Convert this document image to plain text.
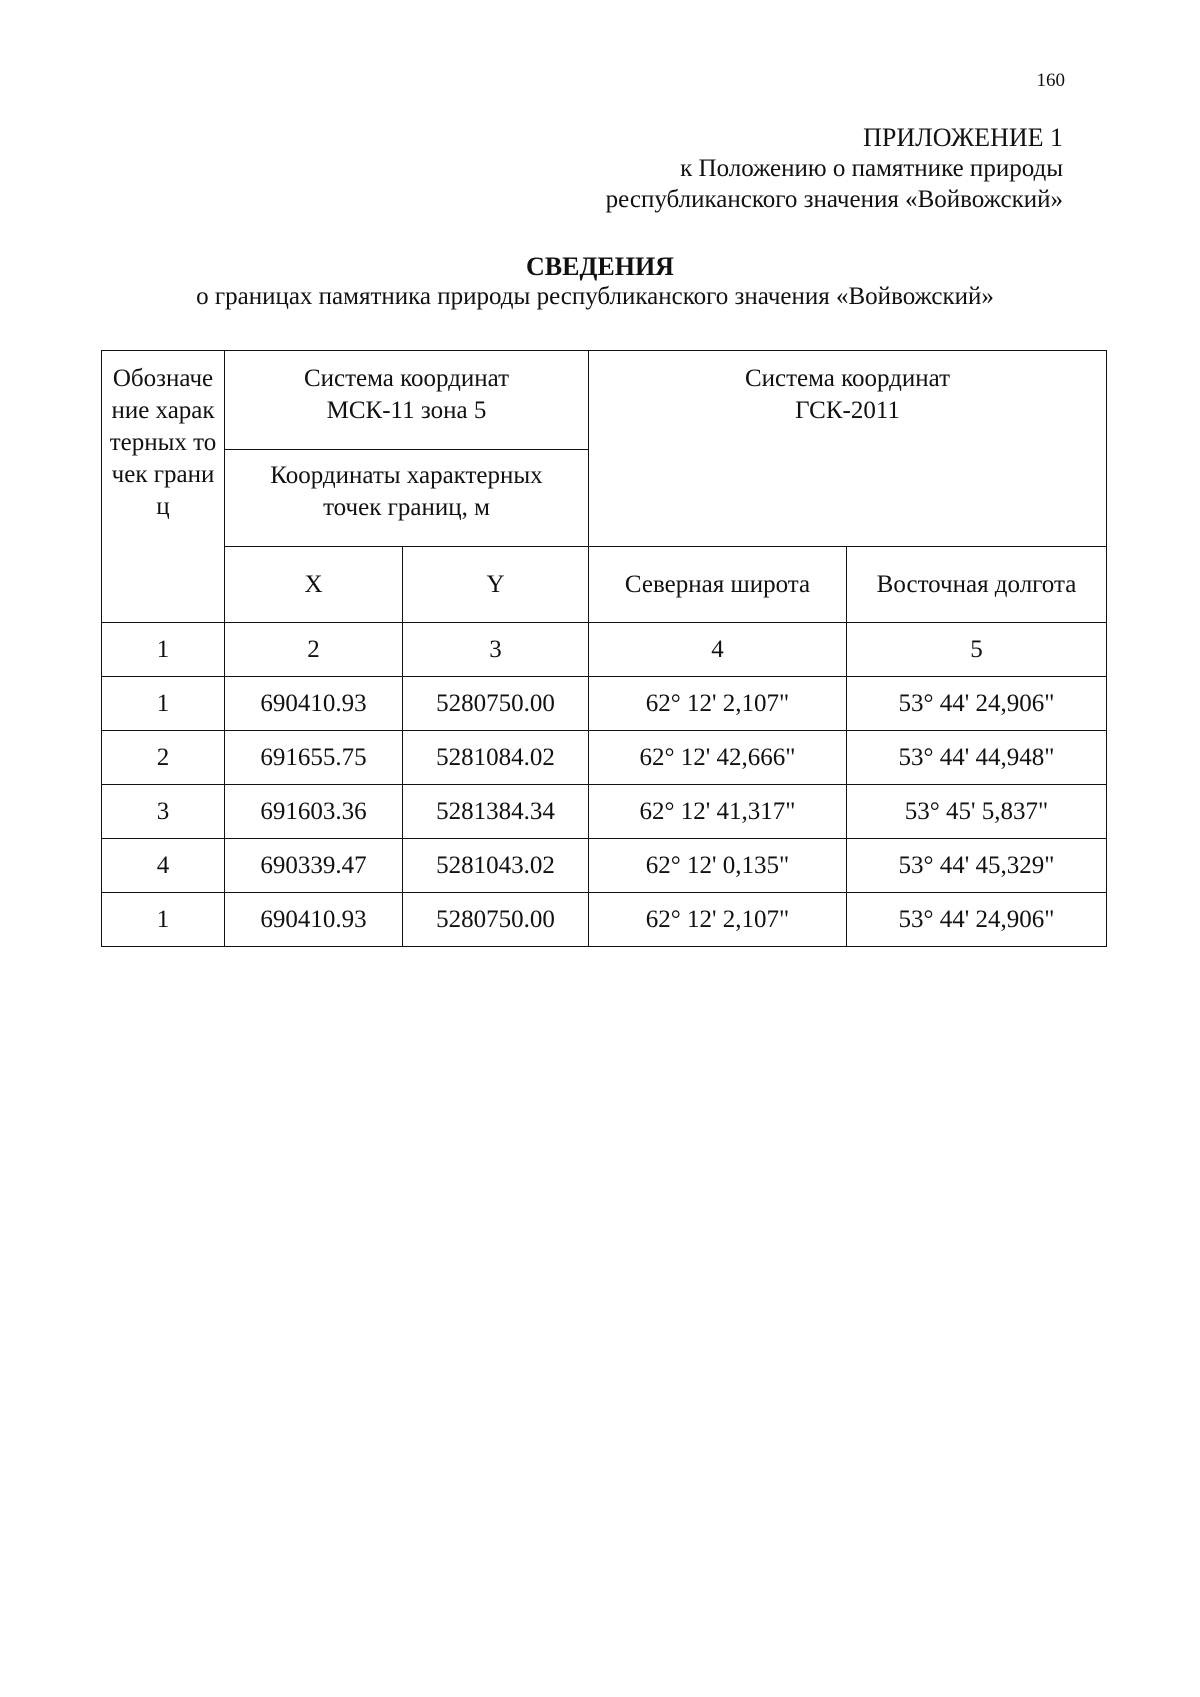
160
ПРИЛОЖЕНИЕ 1
к Положению о памятнике природы
республиканского значения «Войвожский»
СВЕДЕНИЯ
о границах памятника природы республиканского значения «Войвожский»
Обозначение характерных точек границ	Система координат МСК-11 зона 5		Система координат ГСК-2011	

	Координаты характерных точек границ, м			

	X	Y	Северная широта	Восточная долгота
1	2	3	4	5
1	690410.93	5280750.00	62° 12' 2,107"	53° 44' 24,906"
2	691655.75	5281084.02	62° 12' 42,666"	53° 44' 44,948"
3	691603.36	5281384.34	62° 12' 41,317"	53° 45' 5,837"
4	690339.47	5281043.02	62° 12' 0,135"	53° 44' 45,329"
1	690410.93	5280750.00	62° 12' 2,107"	53° 44' 24,906"
